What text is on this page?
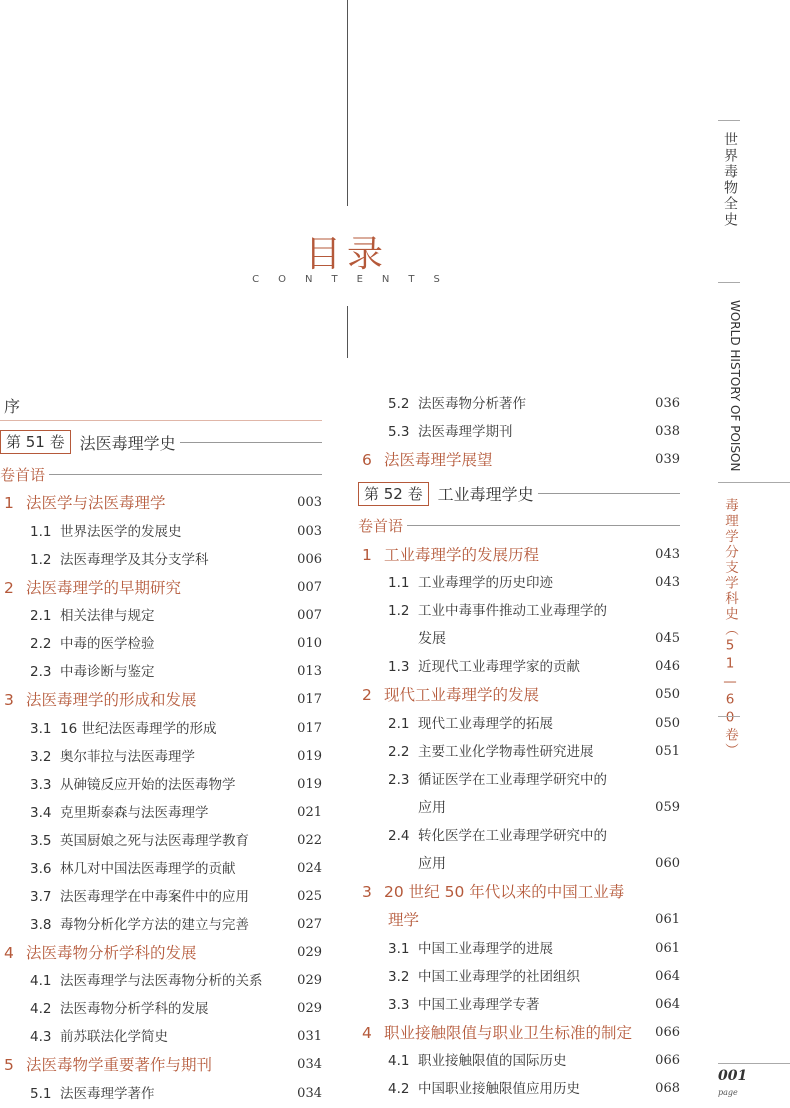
目录
CONTENTS
序
第 51 卷 法医毒理学史
卷首语
1 法医学与法医毒理学	003
1.1 世界法医学的发展史	003
1.2 法医毒理学及其分支学科	006
2 法医毒理学的早期研究	007
2.1 相关法律与规定	007
2.2 中毒的医学检验	010
2.3 中毒诊断与鉴定	013
3 法医毒理学的形成和发展	017
3.1 16 世纪法医毒理学的形成	017
3.2 奥尔菲拉与法医毒理学	019
3.3 从砷镜反应开始的法医毒物学	019
3.4 克里斯泰森与法医毒理学	021
3.5 英国厨娘之死与法医毒理学教育	022
3.6 林几对中国法医毒理学的贡献	024
3.7 法医毒理学在中毒案件中的应用	025
3.8 毒物分析化学方法的建立与完善	027
4 法医毒物分析学科的发展	029
4.1 法医毒理学与法医毒物分析的关系	029
4.2 法医毒物分析学科的发展	029
4.3 前苏联法化学简史	031
5 法医毒物学重要著作与期刊	034
5.1 法医毒理学著作	034
5.2 法医毒物分析著作	036
5.3 法医毒理学期刊	038
6 法医毒理学展望	039
第 52 卷 工业毒理学史
卷首语
1 工业毒理学的发展历程	043
1.1 工业毒理学的历史印迹	043
1.2 工业中毒事件推动工业毒理学的
发展	045
1.3 近现代工业毒理学家的贡献	046
2 现代工业毒理学的发展	050
2.1 现代工业毒理学的拓展	050
2.2 主要工业化学物毒性研究进展	051
2.3 循证医学在工业毒理学研究中的
应用	059
2.4 转化医学在工业毒理学研究中的
应用	060
3 20 世纪 50 年代以来的中国工业毒
理学	061
3.1 中国工业毒理学的进展	061
3.2 中国工业毒理学的社团组织	064
3.3 中国工业毒理学专著	064
4 职业接触限值与职业卫生标准的制定 066
4.1 职业接触限值的国际历史	066
4.2 中国职业接触限值应用历史	068
世界毒物全史
WORLD HISTORY OF POISON
毒理学分支学科史（51—60卷）
001
page
